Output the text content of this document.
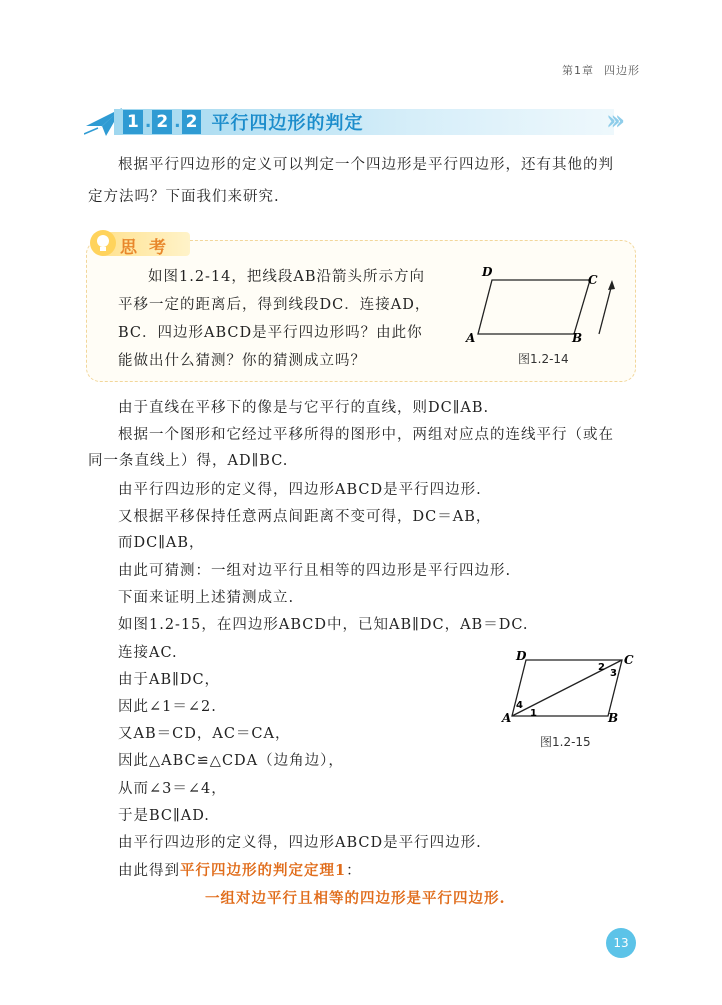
第1章 四边形
1 . 2 . 2 平行四边形的判定	›››
根据平行四边形的定义可以判定一个四边形是平行四边形，还有其他的判
定方法吗？下面我们来研究.
思考
如图1.2-14，把线段AB沿箭头所示方向
平移一定的距离后，得到线段DC．连接AD，
BC．四边形ABCD是平行四边形吗？由此你
能做出什么猜测？你的猜测成立吗？
D
C
A	B
图1.2-14
由于直线在平移下的像是与它平行的直线，则DC∥AB.
根据一个图形和它经过平移所得的图形中，两组对应点的连线平行（或在
同一条直线上）得，AD∥BC.
由平行四边形的定义得，四边形ABCD是平行四边形.
又根据平移保持任意两点间距离不变可得，DC＝AB，
而DC∥AB，
由此可猜测：一组对边平行且相等的四边形是平行四边形.
下面来证明上述猜测成立.
如图1.2-15，在四边形ABCD中，已知AB∥DC，AB＝DC.
连接AC.
由于AB∥DC，
因此∠1＝∠2.
又AB＝CD，AC＝CA，
因此△ABC≌△CDA（边角边），
从而∠3＝∠4，
于是BC∥AD.
由平行四边形的定义得，四边形ABCD是平行四边形.
由此得到平行四边形的判定定理1：
一组对边平行且相等的四边形是平行四边形.
D	C
A	B
1
2
3
4
图1.2-15
13
